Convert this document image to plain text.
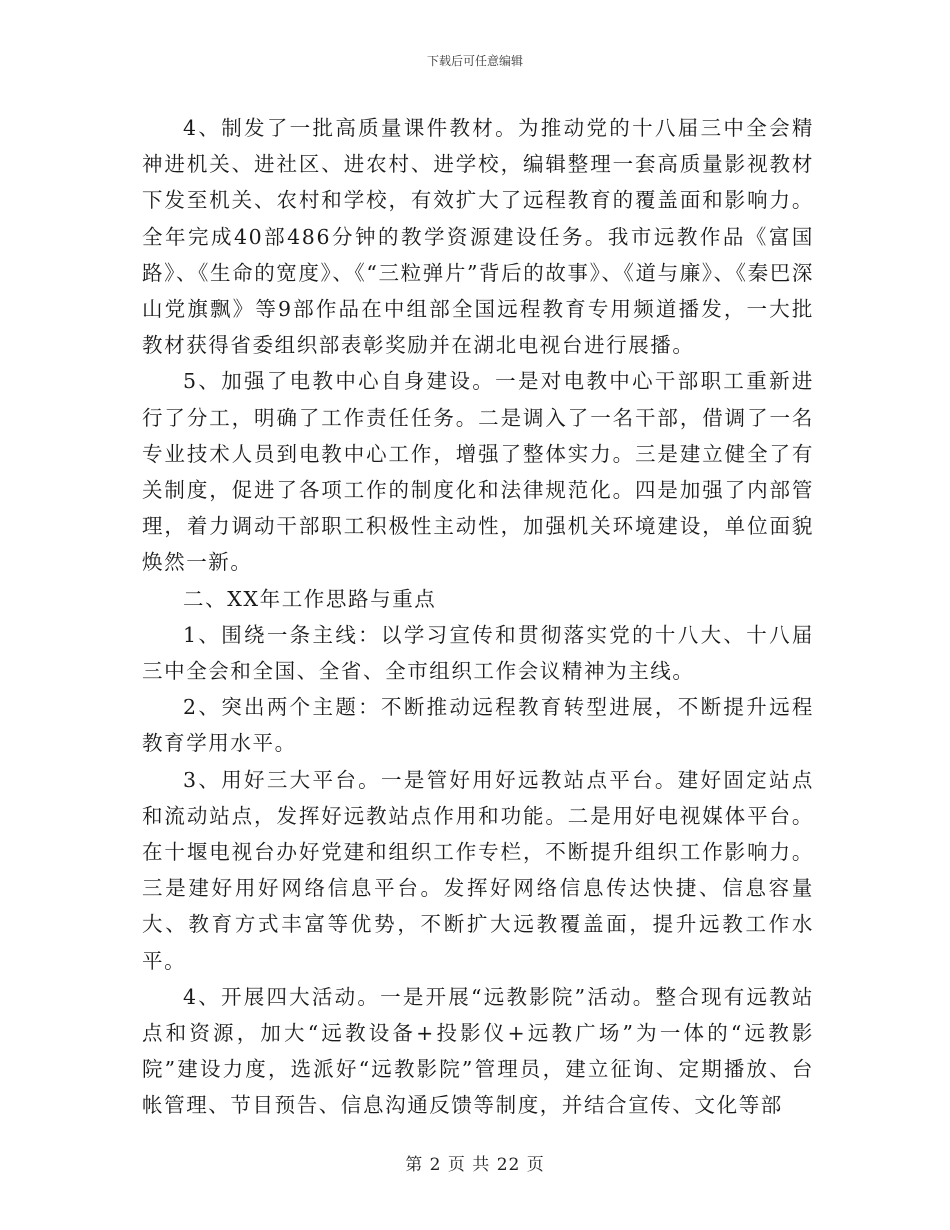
下载后可任意编辑

4、制发了一批高质量课件教材。为推动党的十八届三中全会精神进机关、进社区、进农村、进学校，编辑整理一套高质量影视教材下发至机关、农村和学校，有效扩大了远程教育的覆盖面和影响力。全年完成40部486分钟的教学资源建设任务。我市远教作品《富国路》、《生命的宽度》、《“三粒弹片”背后的故事》、《道与廉》、《秦巴深山党旗飘》等9部作品在中组部全国远程教育专用频道播发，一大批教材获得省委组织部表彰奖励并在湖北电视台进行展播。

5、加强了电教中心自身建设。一是对电教中心干部职工重新进行了分工，明确了工作责任任务。二是调入了一名干部，借调了一名专业技术人员到电教中心工作，增强了整体实力。三是建立健全了有关制度，促进了各项工作的制度化和法律规范化。四是加强了内部管理，着力调动干部职工积极性主动性，加强机关环境建设，单位面貌焕然一新。

二、XX年工作思路与重点

1、围绕一条主线：以学习宣传和贯彻落实党的十八大、十八届三中全会和全国、全省、全市组织工作会议精神为主线。

2、突出两个主题：不断推动远程教育转型进展，不断提升远程教育学用水平。

3、用好三大平台。一是管好用好远教站点平台。建好固定站点和流动站点，发挥好远教站点作用和功能。二是用好电视媒体平台。在十堰电视台办好党建和组织工作专栏，不断提升组织工作影响力。三是建好用好网络信息平台。发挥好网络信息传达快捷、信息容量大、教育方式丰富等优势，不断扩大远教覆盖面，提升远教工作水平。

4、开展四大活动。一是开展“远教影院”活动。整合现有远教站点和资源，加大“远教设备+投影仪+远教广场”为一体的“远教影院”建设力度，选派好“远教影院”管理员，建立征询、定期播放、台帐管理、节目预告、信息沟通反馈等制度，并结合宣传、文化等部

第 2 页 共 22 页
